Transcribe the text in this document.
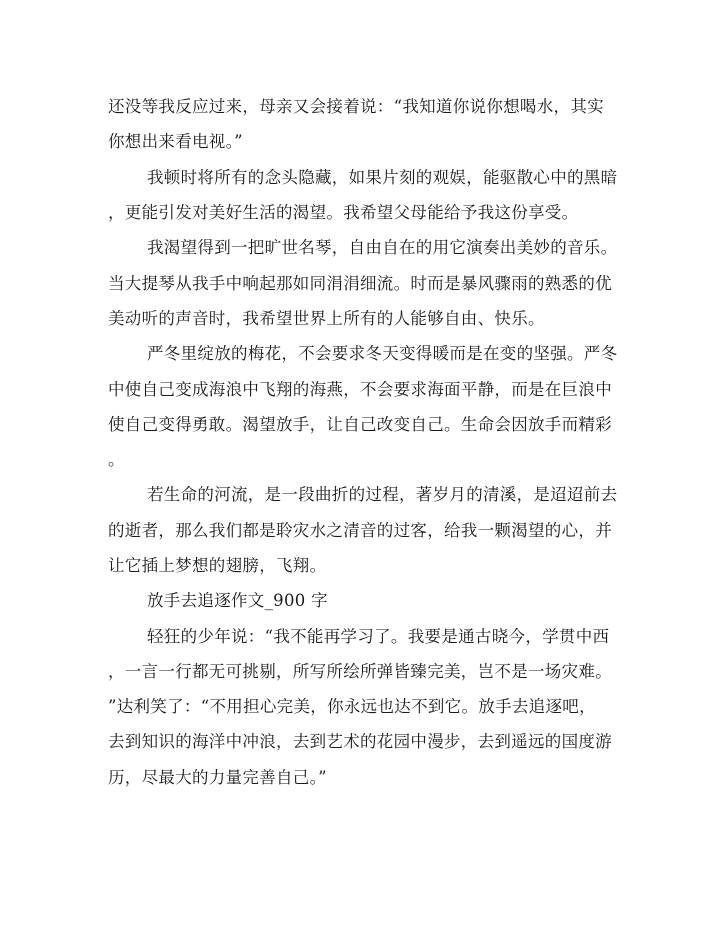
还没等我反应过来，母亲又会接着说：“我知道你说你想喝水，其实
你想出来看电视。”
我顿时将所有的念头隐藏，如果片刻的观娱，能驱散心中的黑暗
，更能引发对美好生活的渴望。我希望父母能给予我这份享受。
我渴望得到一把旷世名琴，自由自在的用它演奏出美妙的音乐。
当大提琴从我手中响起那如同涓涓细流。时而是暴风骤雨的熟悉的优
美动听的声音时，我希望世界上所有的人能够自由、快乐。
严冬里绽放的梅花，不会要求冬天变得暖而是在变的坚强。严冬
中使自己变成海浪中飞翔的海燕，不会要求海面平静，而是在巨浪中
使自己变得勇敢。渴望放手，让自己改变自己。生命会因放手而精彩
。
若生命的河流，是一段曲折的过程，著岁月的清溪，是迢迢前去
的逝者，那么我们都是聆灾水之清音的过客，给我一颗渴望的心，并
让它插上梦想的翅膀，飞翔。
放手去追逐作文_900 字
轻狂的少年说：“我不能再学习了。我要是通古晓今，学贯中西
，一言一行都无可挑剔，所写所绘所弹皆臻完美，岂不是一场灾难。
”达利笑了：“不用担心完美，你永远也达不到它。放手去追逐吧，
去到知识的海洋中冲浪，去到艺术的花园中漫步，去到遥远的国度游
历，尽最大的力量完善自己。”
